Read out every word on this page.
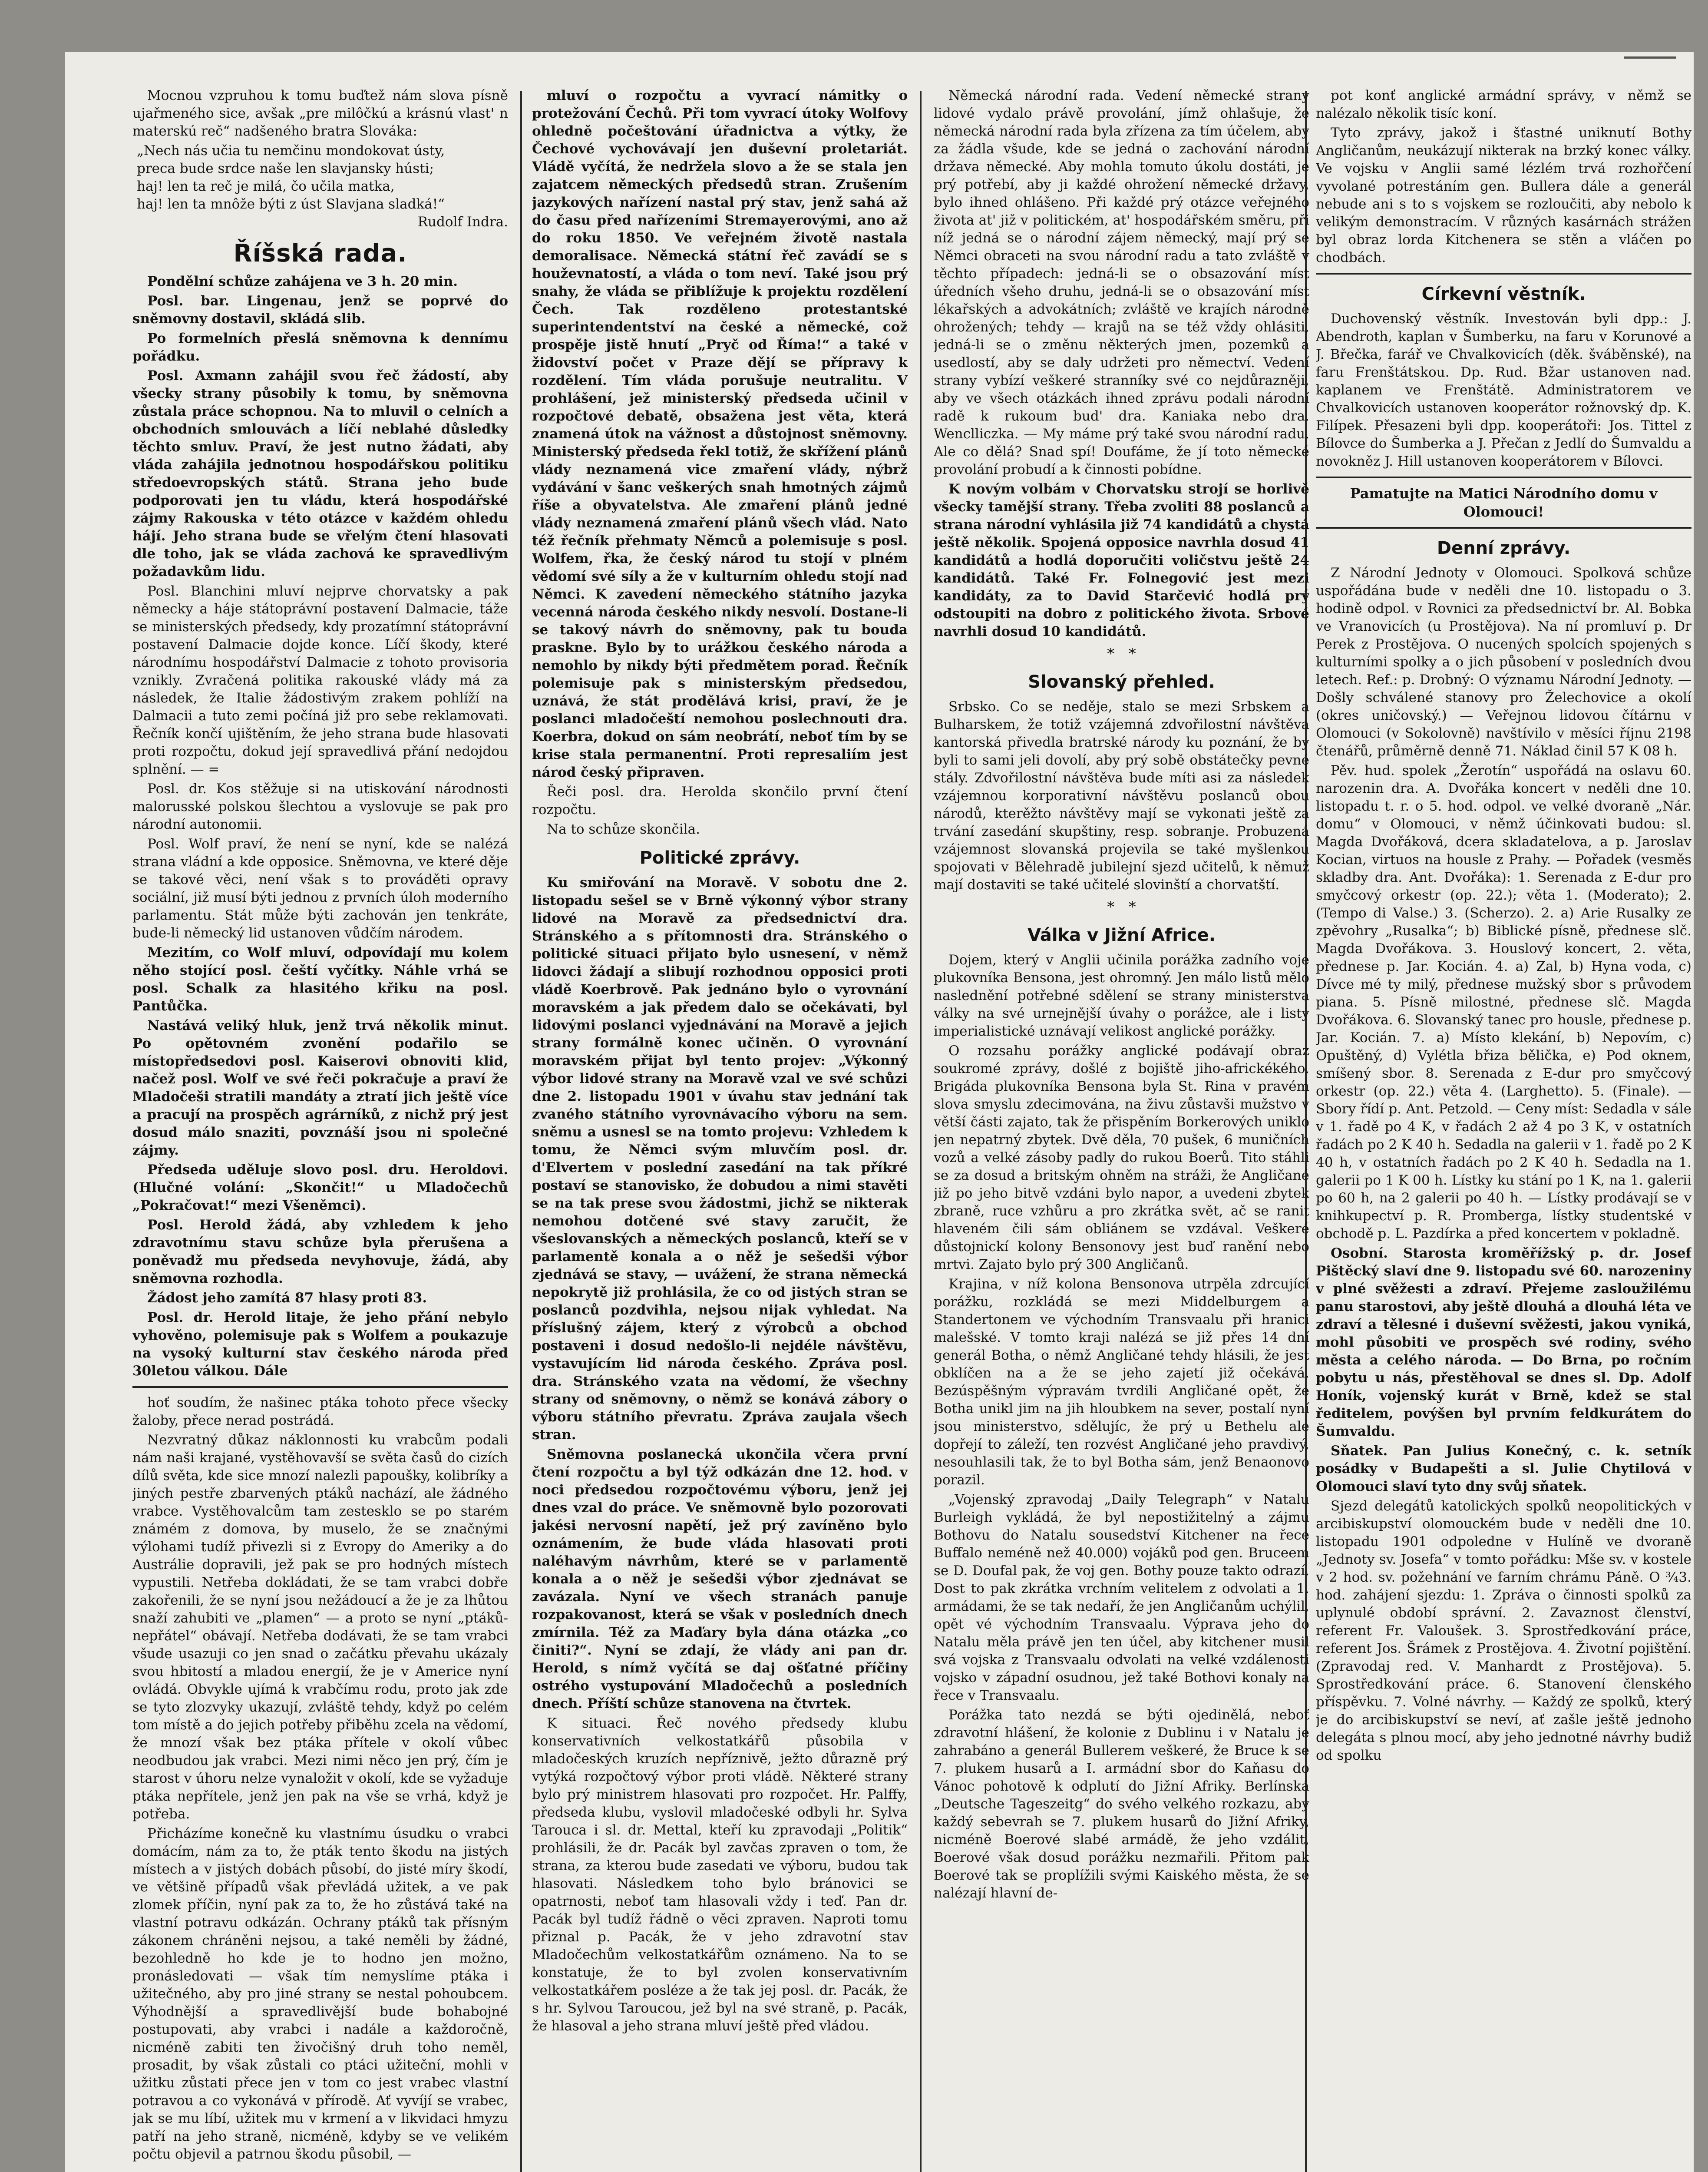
Mocnou vzpruhou k tomu buďtež nám slova písně ujařmeného sice, avšak „pre milôčkú a krásnú vlast' n materskú reč“ nadšeného bratra Slováka:

„Nech nás učia tu nemčinu mondokovat ústy,
preca bude srdce naše len slavjansky hústi;
haj! len ta reč je milá, čo učila matka,
haj! len ta mnôže býti z úst Slavjana sladká!“
Rudolf Indra.
Říšská rada.

Pondělní schůze zahájena ve 3 h. 20 min.

Posl. bar. Lingenau, jenž se poprvé do sněmovny dostavil, skládá slib.

Po formelních přeslá sněmovna k dennímu pořádku.

Posl. Axmann zahájil svou řeč žádostí, aby všecky strany působily k tomu, by sněmovna zůstala práce schopnou. Na to mluvil o celních a obchodních smlouvách a líčí neblahé důsledky těchto smluv. Praví, že jest nutno žádati, aby vláda zahájila jednotnou hospodářskou politiku středoevropských států. Strana jeho bude podporovati jen tu vládu, která hospodářské zájmy Rakouska v této otázce v každém ohledu hájí. Jeho strana bude se vřelým čtení hlasovati dle toho, jak se vláda zachová ke spravedlivým požadavkům lidu.

Posl. Blanchini mluví nejprve chorvatsky a pak německy a háje státoprávní postavení Dalmacie, táže se ministerských předsedy, kdy prozatímní státoprávní postavení Dalmacie dojde konce. Líčí škody, které národnímu hospodářství Dalmacie z tohoto provisoria vznikly. Zvračená politika rakouské vlády má za následek, že Italie žádostivým zrakem pohlíží na Dalmacii a tuto zemi počíná již pro sebe reklamovati. Řečník končí ujištěním, že jeho strana bude hlasovati proti rozpočtu, dokud její spravedlivá přání nedojdou splnění. — =

Posl. dr. Kos stěžuje si na utiskování národnosti malorusské polskou šlechtou a vyslovuje se pak pro národní autonomii.

Posl. Wolf praví, že není se nyní, kde se nalézá strana vládní a kde opposice. Sněmovna, ve které děje se takové věci, není však s to prováděti opravy sociální, již musí býti jednou z prvních úloh moderního parlamentu. Stát může býti zachován jen tenkráte, bude-li německý lid ustanoven vůdčím národem.

Mezitím, co Wolf mluví, odpovídají mu kolem něho stojící posl. čeští vyčítky. Náhle vrhá se posl. Schalk za hlasitého křiku na posl. Pantůčka.

Nastává veliký hluk, jenž trvá několik minut. Po opětovném zvonění podařilo se místopředsedovi posl. Kaiserovi obnoviti klid, načež posl. Wolf ve své řeči pokračuje a praví že Mladočeši stratili mandáty a ztratí jich ještě více a pracují na prospěch agrárníků, z nichž prý jest dosud málo snaziti, povznáší jsou ni společné zájmy.

Předseda uděluje slovo posl. dru. Heroldovi. (Hlučné volání: „Skončit!“ u Mladočechů „Pokračovat!“ mezi Všeněmci).

Posl. Herold žádá, aby vzhledem k jeho zdravotnímu stavu schůze byla přerušena a poněvadž mu předseda nevyhovuje, žádá, aby sněmovna rozhodla.

Žádost jeho zamítá 87 hlasy proti 83.

Posl. dr. Herold litaje, že jeho přání nebylo vyhověno, polemisuje pak s Wolfem a poukazuje na vysoký kulturní stav českého národa před 30letou válkou. Dále

hoť soudím, že našinec ptáka tohoto přece všecky žaloby, přece nerad postrádá.

Nezvratný důkaz náklonnosti ku vrabcům podali nám naši krajané, vystěhovavší se světa časů do cizích dílů světa, kde sice mnozí nalezli papoušky, kolibríky a jiných pestře zbarvených ptáků nachází, ale žádného vrabce. Vystěhovalcům tam zestesklo se po starém známém z domova, by muselo, že se značnými výlohami tudíž přivezli si z Evropy do Ameriky a do Austrálie dopravili, jež pak se pro hodných místech vypustili. Netřeba dokládati, že se tam vrabci dobře zakořenili, že se nyní jsou nežádoucí a že je za lhůtou snaží zahubiti ve „plamen“ — a proto se nyní „ptáků-nepřátel“ obávají. Netřeba dodávati, že se tam vrabci všude usazuji co jen snad o začátku převahu ukázaly svou hbitostí a mladou energií, že je v Americe nyní ovládá. Obvykle ujímá k vrabčímu rodu, proto jak zde se tyto zlozvyky ukazují, zvláště tehdy, když po celém tom místě a do jejich potřeby přiběhu zcela na vědomí, že mnozí však bez ptáka přítele v okolí vůbec neodbudou jak vrabci. Mezi nimi něco jen prý, čím je starost v úhoru nelze vynaložit v okolí, kde se vyžaduje ptáka nepřítele, jenž jen pak na vše se vrhá, když je potřeba.

Přicházíme konečně ku vlastnímu úsudku o vrabci domácím, nám za to, že pták tento škodu na jistých místech a v jistých dobách působí, do jisté míry škodí, ve většině případů však převládá užitek, a ve pak zlomek příčin, nyní pak za to, že ho zůstává také na vlastní potravu odkázán. Ochrany ptáků tak přísným zákonem chráněni nejsou, a také neměli by žádné, bezohledně ho kde je to hodno jen možno, pronásledovati — však tím nemyslíme ptáka i užitečného, aby pro jiné strany se nestal pohoubcem. Výhodnější a spravedlivější bude bohabojné postupovati, aby vrabci i nadále a každoročně, nicméně zabiti ten živočišný druh toho neměl, prosadit, by však zůstali co ptáci užiteční, mohli v užitku zůstati přece jen v tom co jest vrabec vlastní potravou a co vykonává v přírodě. Ať vyvíjí se vrabec, jak se mu líbí, užitek mu v krmení a v likvidaci hmyzu patří na jeho straně, nicméně, kdyby se ve velikém počtu objevil a patrnou škodu působil, —

mluví o rozpočtu a vyvrací námitky o protežování Čechů. Při tom vyvrací útoky Wolfovy ohledně počeštování úřadnictva a výtky, že Čechové vychovávají jen duševní proletariát. Vládě vyčítá, že nedržela slovo a že se stala jen zajatcem německých předsedů stran. Zrušením jazykových nařízení nastal prý stav, jenž sahá až do času před nařízeními Stremayerovými, ano až do roku 1850. Ve veřejném životě nastala demoralisace. Německá státní řeč zavádí se s houževnatostí, a vláda o tom neví. Také jsou prý snahy, že vláda se přiblížuje k projektu rozdělení Čech. Tak rozděleno protestantské superintendentství na české a německé, což prospěje jistě hnutí „Pryč od Říma!“ a také v židovství počet v Praze dějí se přípravy k rozdělení. Tím vláda porušuje neutralitu. V prohlášení, jež ministerský předseda učinil v rozpočtové debatě, obsažena jest věta, která znamená útok na vážnost a důstojnost sněmovny. Ministerský předseda řekl totiž, že skřížení plánů vlády neznamená vice zmaření vlády, nýbrž vydávání v šanc veškerých snah hmotných zájmů říše a obyvatelstva. Ale zmaření plánů jedné vlády neznamená zmaření plánů všech vlád. Nato též řečník přehmaty Němců a polemisuje s posl. Wolfem, řka, že český národ tu stojí v plném vědomí své síly a že v kulturním ohledu stojí nad Němci. K zavedení německého státního jazyka vecenná národa českého nikdy nesvolí. Dostane-li se takový návrh do sněmovny, pak tu bouda praskne. Bylo by to urážkou českého národa a nemohlo by nikdy býti předmětem porad. Řečník polemisuje pak s ministerským předsedou, uznává, že stát prodělává krisi, praví, že je poslanci mladočeští nemohou poslechnouti dra. Koerbra, dokud on sám neobrátí, neboť tím by se krise stala permanentní. Proti represaliím jest národ český připraven.

Řeči posl. dra. Herolda skončilo první čtení rozpočtu.

Na to schůze skončila.

Politické zprávy.

Ku smiřování na Moravě. V sobotu dne 2. listopadu sešel se v Brně výkonný výbor strany lidové na Moravě za předsednictví dra. Stránského a s přítomnosti dra. Stránského o politické situaci přijato bylo usnesení, v němž lidovci žádají a slibují rozhodnou opposici proti vládě Koerbrově. Pak jednáno bylo o vyrovnání moravském a jak předem dalo se očekávati, byl lidovými poslanci vyjednávání na Moravě a jejich strany formálně konec učiněn. O vyrovnání moravském přijat byl tento projev: „Výkonný výbor lidové strany na Moravě vzal ve své schůzi dne 2. listopadu 1901 v úvahu stav jednání tak zvaného státního vyrovnávacího výboru na sem. sněmu a usnesl se na tomto projevu: Vzhledem k tomu, že Němci svým mluvčím posl. dr. d'Elvertem v poslední zasedání na tak příkré postaví se stanovisko, že dobudou a nimi stavěti se na tak prese svou žádostmi, jichž se nikterak nemohou dotčené své stavy zaručit, že všeslovanských a německých poslanců, kteří se v parlamentě konala a o něž je sešedši výbor zjednává se stavy, — uvážení, že strana německá nepokrytě již prohlásila, že co od jistých stran se poslanců pozdvihla, nejsou nijak vyhledat. Na příslušný zájem, který z výrobců a obchod postaveni i dosud nedošlo-li nejdéle návštěvu, vystavujícím lid národa českého. Zpráva posl. dra. Stránského vzata na vědomí, že všechny strany od sněmovny, o němž se konává zábory o výboru státního převratu. Zpráva zaujala všech stran.

Sněmovna poslanecká ukončila včera první čtení rozpočtu a byl týž odkázán dne 12. hod. v noci předsedou rozpočtovému výboru, jenž jej dnes vzal do práce. Ve sněmovně bylo pozorovati jakési nervosní napětí, jež prý zavíněno bylo oznámením, že bude vláda hlasovati proti naléhavým návrhům, které se v parlamentě konala a o něž je sešedši výbor zjednávat se zavázala. Nyní ve všech stranách panuje rozpakovanost, která se však v posledních dnech zmírnila. Též za Maďary byla dána otázka „co činiti?“. Nyní se zdají, že vlády ani pan dr. Herold, s nímž vyčítá se daj ošťatné příčiny ostrého vystupování Mladočechů a posledních dnech. Příští schůze stanovena na čtvrtek.

K situaci. Řeč nového předsedy klubu konservativních velkostatkářů působila v mladočeských kruzích nepříznivě, ježto důrazně prý vytýká rozpočtový výbor proti vládě. Některé strany bylo prý ministrem hlasovati pro rozpočet. Hr. Palffy, předseda klubu, vyslovil mladočeské odbyli hr. Sylva Tarouca i sl. dr. Mettal, kteří ku zpravodaji „Politik“ prohlásili, že dr. Pacák byl zavčas zpraven o tom, že strana, za kterou bude zasedati ve výboru, budou tak hlasovati. Následkem toho bylo bránovici se opatrnosti, neboť tam hlasovali vždy i teď. Pan dr. Pacák byl tudíž řádně o věci zpraven. Naproti tomu přiznal p. Pacák, že v jeho zdravotní stav Mladočechům velkostatkářům oznámeno. Na to se konstatuje, že to byl zvolen konservativním velkostatkářem posléze a že tak jej posl. dr. Pacák, že s hr. Sylvou Taroucou, jež byl na své straně, p. Pacák, že hlasoval a jeho strana mluví ještě před vládou.

Německá národní rada. Vedení německé strany lidové vydalo právě provolání, jímž ohlašuje, že německá národní rada byla zřízena za tím účelem, aby za žádla všude, kde se jedná o zachování národní država německé. Aby mohla tomuto úkolu dostáti, je prý potřebí, aby ji každé ohrožení německé državy, bylo ihned ohlášeno. Při každé prý otázce veřejného života at' již v politickém, at' hospodářském směru, při níž jedná se o národní zájem německý, mají prý se Němci obraceti na svou národní radu a tato zvláště v těchto případech: jedná-li se o obsazování míst úředních všeho druhu, jedná-li se o obsazování míst lékařských a advokátních; zvláště ve krajích národně ohrožených; tehdy — krajů na se též vždy ohlásiti, jedná-li se o změnu některých jmen, pozemků a usedlostí, aby se daly udržeti pro němectví. Vedení strany vybízí veškeré stranníky své co nejdůrazněji, aby ve všech otázkách ihned zprávu podali národní radě k rukoum bud' dra. Kaniaka nebo dra. Wenclliczka. — My máme prý také svou národní radu. Ale co dělá? Snad spí! Doufáme, že jí toto německé provolání probudí a k činnosti pobídne.

K novým volbám v Chorvatsku strojí se horlivě všecky tamější strany. Třeba zvoliti 88 poslanců a strana národní vyhlásila již 74 kandidátů a chystá ještě několik. Spojená opposice navrhla dosud 41 kandidátů a hodlá doporučiti voličstvu ještě 24 kandidátů. Také Fr. Folnegović jest mezi kandidáty, za to David Starčević hodlá prý odstoupiti na dobro z politického života. Srbové navrhli dosud 10 kandidátů.

*   *
Slovanský přehled.

Srbsko. Co se neděje, stalo se mezi Srbskem a Bulharskem, že totiž vzájemná zdvořilostní návštěva kantorská přivedla bratrské národy ku poznání, že by byli to sami jeli dovolí, aby prý sobě obstátečky pevné stály. Zdvořilostní návštěva bude míti asi za následek vzájemnou korporativní návštěvu poslanců obou národů, kterěžto návštěvy mají se vykonati ještě za trvání zasedání skupštiny, resp. sobranje. Probuzená vzájemnost slovanská projevila se také myšlenkou spojovati v Bělehradě jubilejní sjezd učitelů, k němuž mají dostaviti se také učitelé slovinští a chorvatští.

*   *
Válka v Jižní Africe.

Dojem, který v Anglii učinila porážka zadního voje plukovníka Bensona, jest ohromný. Jen málo listů mělo naslednění potřebné sdělení se strany ministerstva války na své urnejnější úvahy o porážce, ale i listy imperialistické uznávají velikost anglické porážky.

O rozsahu porážky anglické podávají obraz soukromé zprávy, došlé z bojiště jiho-africkékého. Brigáda plukovníka Bensona byla St. Rina v pravém slova smyslu zdecimována, na živu zůstavši mužstvo v větší části zajato, tak že přispěním Borkerových uniklo jen nepatrný zbytek. Dvě děla, 70 pušek, 6 muničních vozů a velké zásoby padly do rukou Boerů. Tito stáhli se za dosud a britským ohněm na stráži, že Angličané již po jeho bitvě vzdáni bylo napor, a uvedeni zbytek zbraně, ruce vzhůru a pro zkrátka svět, ač se ranit hlaveném čili sám obliánem se vzdával. Veškeré důstojnickí kolony Bensonovy jest buď ranění nebo mrtvi. Zajato bylo prý 300 Angličanů.

Krajina, v níž kolona Bensonova utrpěla zdrcující porážku, rozkládá se mezi Middelburgem a Standertonem ve východním Transvaalu při hranici malešské. V tomto kraji nalézá se již přes 14 dní generál Botha, o němž Angličané tehdy hlásili, že jest obklíčen na a že se jeho zajetí již očekává. Bezúspěšným výpravám tvrdili Angličané opět, že Botha unikl jim na jih hloubkem na sever, postalí nyní jsou ministerstvo, sdělujíc, že prý u Bethelu ale dopřejí to záleží, ten rozvést Angličané jeho pravdivý, nesouhlasili tak, že to byl Botha sám, jenž Benaonovo porazil.

„Vojenský zpravodaj „Daily Telegraph“ v Natalu Burleigh vykládá, že byl nepostižitelný a zájmu Bothovu do Natalu sousedství Kitchener na řece Buffalo neméně než 40.000) vojáků pod gen. Bruceem se D. Doufal pak, že voj gen. Bothy pouze takto odrazí. Dost to pak zkrátka vrchním velitelem z odvolati a 1. armádami, že se tak nedaří, že jen Angličanům uchýlil, opět vé východním Transvaalu. Výprava jeho do Natalu měla právě jen ten účel, aby kitchener musil svá vojska z Transvaalu odvolati na velké vzdálenosti vojsko v západní osudnou, jež také Bothovi konaly na řece v Transvaalu.

Porážka tato nezdá se býti ojedinělá, neboť zdravotní hlášení, že kolonie z Dublinu i v Natalu je zahrabáno a generál Bullerem veškeré, že Bruce k se 7. plukem husarů a I. armádní sbor do Kaňasu do Vánoc pohotově k odplutí do Jižní Afriky. Berlínská „Deutsche Tageszeitg“ do svého velkého rozkazu, aby každý sebevrah se 7. plukem husarů do Jižní Afriky, nicméně Boerové slabé armádě, že jeho vzdálit, Boerové však dosud porážku nezmařili. Přitom pak Boerové tak se proplížili svými Kaiského města, že se nalézají hlavní de-

pot konť anglické armádní správy, v němž se nalézalo několik tisíc koní.

Tyto zprávy, jakož i šťastné uniknutí Bothy Angličanům, neukázují nikterak na brzký konec války. Ve vojsku v Anglii samé lézlém trvá rozhořčení vyvolané potrestáním gen. Bullera dále a generál nebude ani s to s vojskem se rozloučiti, aby nebolo k velikým demonstracím. V různých kasárnách strážen byl obraz lorda Kitchenera se stěn a vláčen po chodbách.

Církevní věstník.

Duchovenský věstník. Investován byli dpp.: J. Abendroth, kaplan v Šumberku, na faru v Korunové a J. Břečka, farář ve Chvalkovicích (děk. šváběnské), na faru Frenštátskou. Dp. Rud. Bžar ustanoven nad. kaplanem ve Frenštátě. Administratorem ve Chvalkovicích ustanoven kooperátor rožnovský dp. K. Filípek. Přesazeni byli dpp. kooperátoři: Jos. Tittel z Bílovce do Šumberka a J. Přečan z Jedlí do Šumvaldu a novokněz J. Hill ustanoven kooperátorem v Bílovci.

Pamatujte na Matici Národního domu v Olomouci!
Denní zprávy.

Z Národní Jednoty v Olomouci. Spolková schůze uspořádána bude v neděli dne 10. listopadu o 3. hodině odpol. v Rovnici za předsednictví br. Al. Bobka ve Vranovicích (u Prostějova). Na ní promluví p. Dr Perek z Prostějova. O nucených spolcích spojených s kulturními spolky a o jich působení v posledních dvou letech. Ref.: p. Drobný: O významu Národní Jednoty. — Došly schválené stanovy pro Želechovice a okolí (okres uničovský.) — Veřejnou lidovou čítárnu v Olomouci (v Sokolovně) navštívilo v měsíci říjnu 2198 čtenářů, průměrně denně 71. Náklad činil 57 K 08 h.

Pěv. hud. spolek „Žerotín“ uspořádá na oslavu 60. narozenin dra. A. Dvořáka koncert v neděli dne 10. listopadu t. r. o 5. hod. odpol. ve velké dvoraně „Nár. domu“ v Olomouci, v němž účinkovati budou: sl. Magda Dvořáková, dcera skladatelova, a p. Jaroslav Kocian, virtuos na housle z Prahy. — Pořadek (vesměs skladby dra. Ant. Dvořáka): 1. Serenada z E-dur pro smyčcový orkestr (op. 22.); věta 1. (Moderato); 2. (Tempo di Valse.) 3. (Scherzo). 2. a) Arie Rusalky ze zpěvohry „Rusalka“; b) Biblické písně, přednese slč. Magda Dvořákova. 3. Houslový koncert, 2. věta, přednese p. Jar. Kocián. 4. a) Zal, b) Hyna voda, c) Dívce mé ty milý, přednese mužský sbor s průvodem piana. 5. Písně milostné, přednese slč. Magda Dvořákova. 6. Slovanský tanec pro housle, přednese p. Jar. Kocián. 7. a) Místo klekání, b) Nepovím, c) Opuštěný, d) Vylétla břiza bělička, e) Pod oknem, smíšený sbor. 8. Serenada z E-dur pro smyčcový orkestr (op. 22.) věta 4. (Larghetto). 5. (Finale). — Sbory řídí p. Ant. Petzold. — Ceny míst: Sedadla v sále v 1. řadě po 4 K, v řadách 2 až 4 po 3 K, v ostatních řadách po 2 K 40 h. Sedadla na galerii v 1. řadě po 2 K 40 h, v ostatních řadách po 2 K 40 h. Sedadla na 1. galerii po 1 K 00 h. Lístky ku stání po 1 K, na 1. galerii po 60 h, na 2 galerii po 40 h. — Lístky prodávají se v knihkupectví p. R. Promberga, lístky studentské v obchodě p. L. Pazdírka a před koncertem v pokladně.

Osobní. Starosta kroměřížský p. dr. Josef Pištěcký slaví dne 9. listopadu své 60. narozeniny v plné svěžesti a zdraví. Přejeme zasloužilému panu starostovi, aby ještě dlouhá a dlouhá léta ve zdraví a tělesné i duševní svěžesti, jakou vyniká, mohl působiti ve prospěch své rodiny, svého města a celého národa. — Do Brna, po ročním pobytu u nás, přestěhoval se dnes sl. Dp. Adolf Honík, vojenský kurát v Brně, kdež se stal ředitelem, povýšen byl prvním feldkurátem do Šumvaldu.

Sňatek. Pan Julius Konečný, c. k. setník posádky v Budapešti a sl. Julie Chytilová v Olomouci slaví tyto dny svůj sňatek.

Sjezd delegátů katolických spolků neopolitických v arcibiskupství olomouckém bude v neděli dne 10. listopadu 1901 odpoledne v Hulíně ve dvoraně „Jednoty sv. Josefa“ v tomto pořádku: Mše sv. v kostele v 2 hod. sv. požehnání ve farním chrámu Páně. O ¾3. hod. zahájení sjezdu: 1. Zpráva o činnosti spolků za uplynulé období správní. 2. Zavaznost členství, referent Fr. Valoušek. 3. Sprostředkování práce, referent Jos. Šrámek z Prostějova. 4. Životní pojištění. (Zpravodaj red. V. Manhardt z Prostějova). 5. Sprostředkování práce. 6. Stanovení členského příspěvku. 7. Volné návrhy. — Každý ze spolků, který je do arcibiskupství se neví, ať zašle ještě jednoho delegáta s plnou mocí, aby jeho jednotné návrhy budiž od spolku
